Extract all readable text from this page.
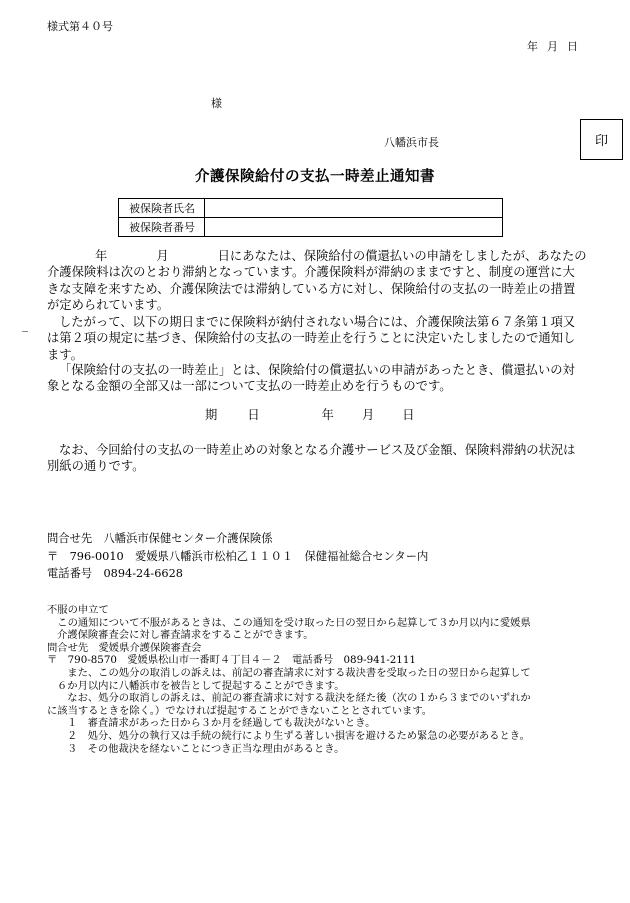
様式第４０号
年 月 日
様
八幡浜市長	印
介護保険給付の支払一時差止通知書
被保険者氏名	
被保険者番号	
年	月	日にあなたは、保険給付の償還払いの申請をしましたが、あなたの介護保険料は次のとおり滞納となっています。介護保険料が滞納のままですと、制度の運営に大きな支障を来すため、介護保険法では滞納している方に対し、保険給付の支払の一時差止の措置が定められています。
_	したがって、以下の期日までに保険料が納付されない場合には、介護保険法第６７条第１項又は第２項の規定に基づき、保険給付の支払の一時差止を行うことに決定いたしましたので通知します。
「保険給付の支払の一時差止」とは、保険給付の償還払いの申請があったとき、償還払いの対象となる金額の全部又は一部について支払の一時差止めを行うものです。
期 日	年 月 日
なお、今回給付の支払の一時差止めの対象となる介護サービス及び金額、保険料滞納の状況は別紙の通りです。
問合せ先　八幡浜市保健センター介護保険係
〒　796-0010　愛媛県八幡浜市松柏乙１１０１　保健福祉総合センター内
電話番号　0894-24-6628
不服の申立て
　この通知について不服があるときは、この通知を受け取った日の翌日から起算して３か月以内に愛媛県
介護保険審査会に対し審査請求をすることができます。
問合せ先　愛媛県介護保険審査会
〒　790-8570　愛媛県松山市一番町４丁目４－２　電話番号　089-941-2111
　また、この処分の取消しの訴えは、前記の審査請求に対する裁決書を受取った日の翌日から起算して
６か月以内に八幡浜市を被告として提起することができます。
　なお、処分の取消しの訴えは、前記の審査請求に対する裁決を経た後（次の１から３までのいずれか
に該当するときを除く。）でなければ提起することができないこととされています。
１　審査請求があった日から３か月を経過しても裁決がないとき。
２　処分、処分の執行又は手続の続行により生ずる著しい損害を避けるため緊急の必要があるとき。
３　その他裁決を経ないことにつき正当な理由があるとき。
